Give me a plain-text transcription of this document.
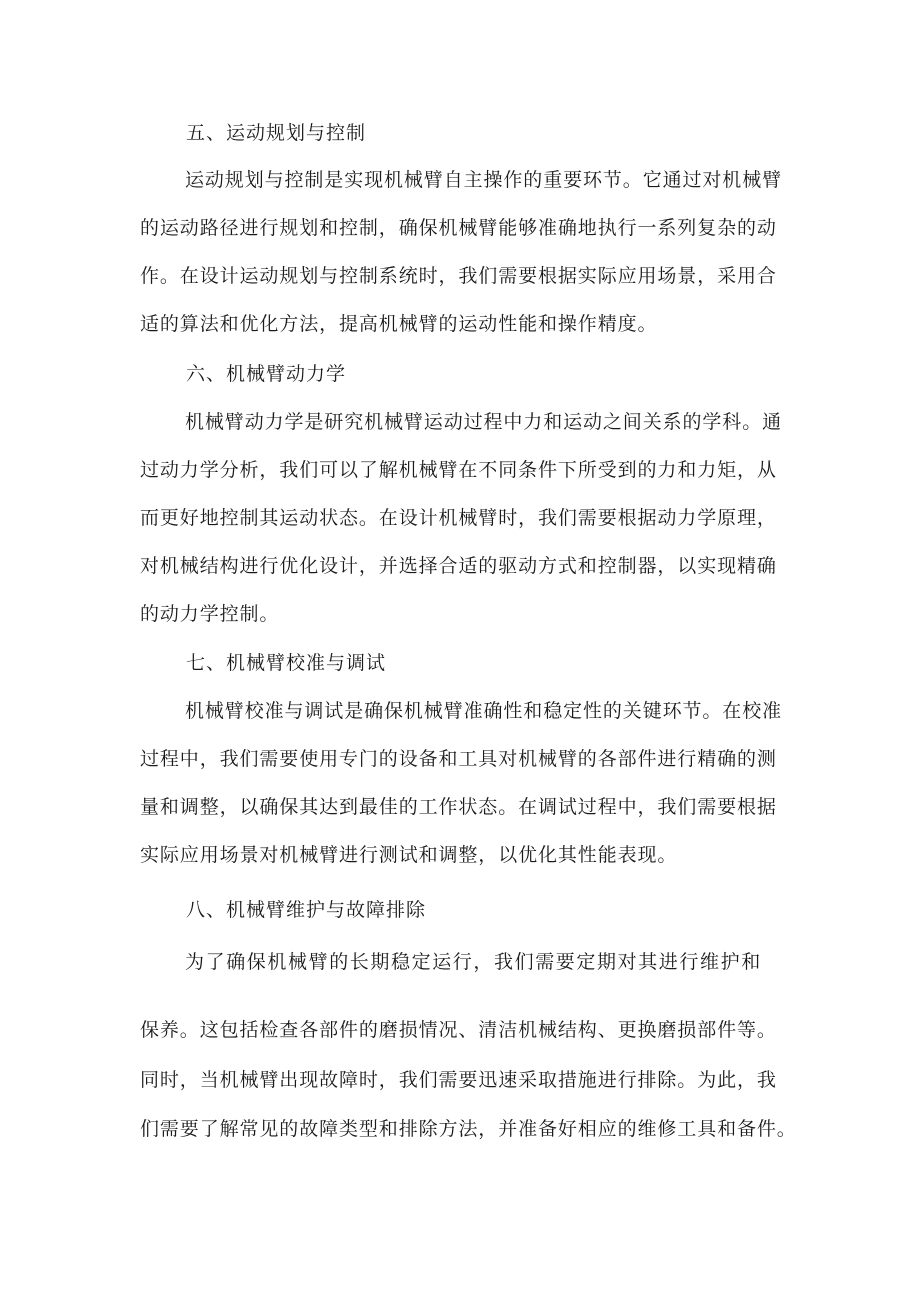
五、运动规划与控制
运动规划与控制是实现机械臂自主操作的重要环节。它通过对机械臂
的运动路径进行规划和控制，确保机械臂能够准确地执行一系列复杂的动
作。在设计运动规划与控制系统时，我们需要根据实际应用场景，采用合
适的算法和优化方法，提高机械臂的运动性能和操作精度。
六、机械臂动力学
机械臂动力学是研究机械臂运动过程中力和运动之间关系的学科。通
过动力学分析，我们可以了解机械臂在不同条件下所受到的力和力矩，从
而更好地控制其运动状态。在设计机械臂时，我们需要根据动力学原理，
对机械结构进行优化设计，并选择合适的驱动方式和控制器，以实现精确
的动力学控制。
七、机械臂校准与调试
机械臂校准与调试是确保机械臂准确性和稳定性的关键环节。在校准
过程中，我们需要使用专门的设备和工具对机械臂的各部件进行精确的测
量和调整，以确保其达到最佳的工作状态。在调试过程中，我们需要根据
实际应用场景对机械臂进行测试和调整，以优化其性能表现。
八、机械臂维护与故障排除
为了确保机械臂的长期稳定运行，我们需要定期对其进行维护和
保养。这包括检查各部件的磨损情况、清洁机械结构、更换磨损部件等。
同时，当机械臂出现故障时，我们需要迅速采取措施进行排除。为此，我
们需要了解常见的故障类型和排除方法，并准备好相应的维修工具和备件。
